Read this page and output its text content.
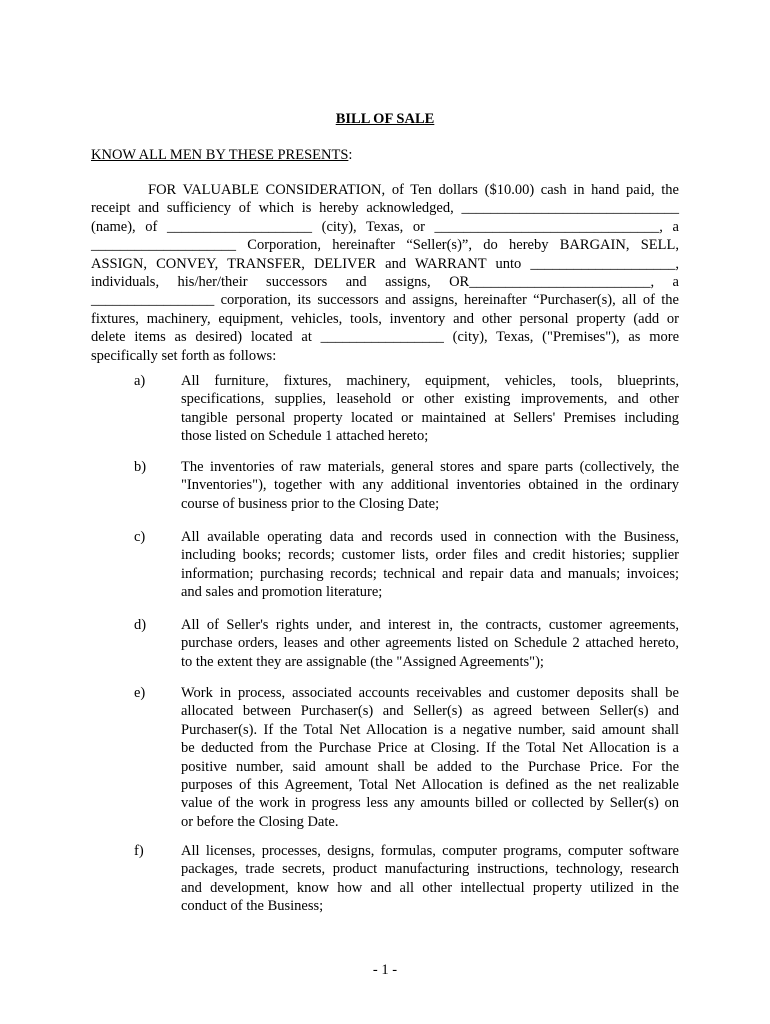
BILL OF SALE

KNOW ALL MEN BY THESE PRESENTS:

FOR VALUABLE CONSIDERATION, of Ten dollars ($10.00) cash in hand paid, the
receipt and sufficiency of which is hereby acknowledged, ______________________________
(name), of ____________________ (city), Texas, or _______________________________, a
____________________ Corporation, hereinafter “Seller(s)”, do hereby BARGAIN, SELL,
ASSIGN, CONVEY, TRANSFER, DELIVER and WARRANT unto ____________________,
individuals, his/her/their successors and assigns, OR_________________________, a
_________________ corporation, its successors and assigns, hereinafter “Purchaser(s), all of the
fixtures, machinery, equipment, vehicles, tools, inventory and other personal property (add or
delete items as desired) located at _________________ (city), Texas, ("Premises"), as more
specifically set forth as follows:
a)	All furniture, fixtures, machinery, equipment, vehicles, tools, blueprints,
specifications, supplies, leasehold or other existing improvements, and other
tangible personal property located or maintained at Sellers' Premises including
those listed on Schedule 1 attached hereto;
b)	The inventories of raw materials, general stores and spare parts (collectively, the
"Inventories"), together with any additional inventories obtained in the ordinary
course of business prior to the Closing Date;
c)	All available operating data and records used in connection with the Business,
including books; records; customer lists, order files and credit histories; supplier
information; purchasing records; technical and repair data and manuals; invoices;
and sales and promotion literature;
d)	All of Seller's rights under, and interest in, the contracts, customer agreements,
purchase orders, leases and other agreements listed on Schedule 2 attached hereto,
to the extent they are assignable (the "Assigned Agreements");
e)	Work in process, associated accounts receivables and customer deposits shall be
allocated between Purchaser(s) and Seller(s) as agreed between Seller(s) and
Purchaser(s). If the Total Net Allocation is a negative number, said amount shall
be deducted from the Purchase Price at Closing. If the Total Net Allocation is a
positive number, said amount shall be added to the Purchase Price. For the
purposes of this Agreement, Total Net Allocation is defined as the net realizable
value of the work in progress less any amounts billed or collected by Seller(s) on
or before the Closing Date.
f)	All licenses, processes, designs, formulas, computer programs, computer software
packages, trade secrets, product manufacturing instructions, technology, research
and development, know how and all other intellectual property utilized in the
conduct of the Business;
- 1 -
